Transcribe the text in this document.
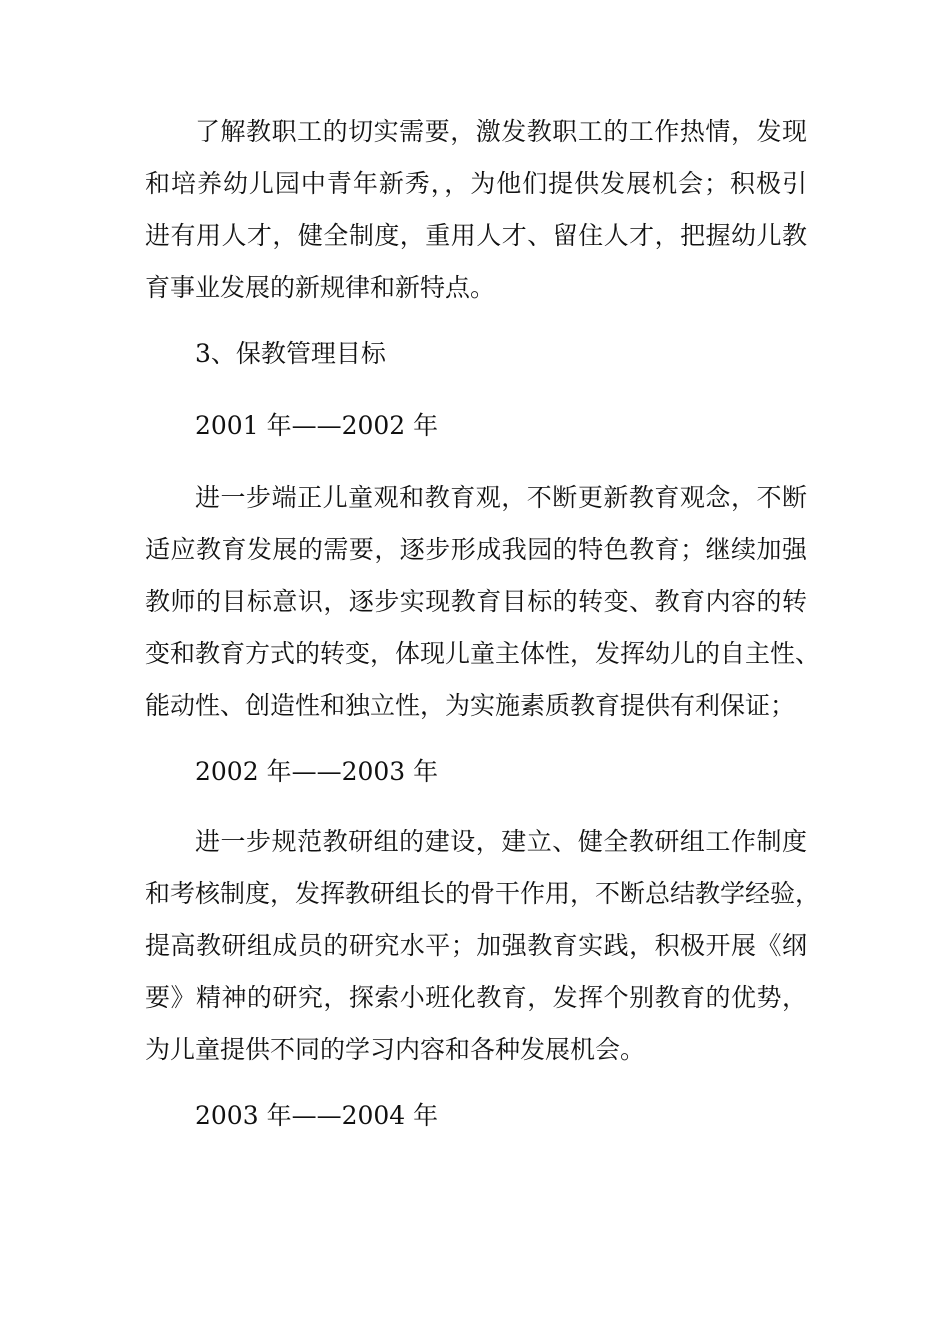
了解教职工的切实需要，激发教职工的工作热情，发现
和培养幼儿园中青年新秀，，为他们提供发展机会；积极引
进有用人才，健全制度，重用人才、留住人才，把握幼儿教
育事业发展的新规律和新特点。
3、保教管理目标
2001 年——2002 年
进一步端正儿童观和教育观，不断更新教育观念，不断
适应教育发展的需要，逐步形成我园的特色教育；继续加强
教师的目标意识，逐步实现教育目标的转变、教育内容的转
变和教育方式的转变，体现儿童主体性，发挥幼儿的自主性、
能动性、创造性和独立性，为实施素质教育提供有利保证；
2002 年——2003 年
进一步规范教研组的建设，建立、健全教研组工作制度
和考核制度，发挥教研组长的骨干作用，不断总结教学经验，
提高教研组成员的研究水平；加强教育实践，积极开展《纲
要》精神的研究，探索小班化教育，发挥个别教育的优势，
为儿童提供不同的学习内容和各种发展机会。
2003 年——2004 年
